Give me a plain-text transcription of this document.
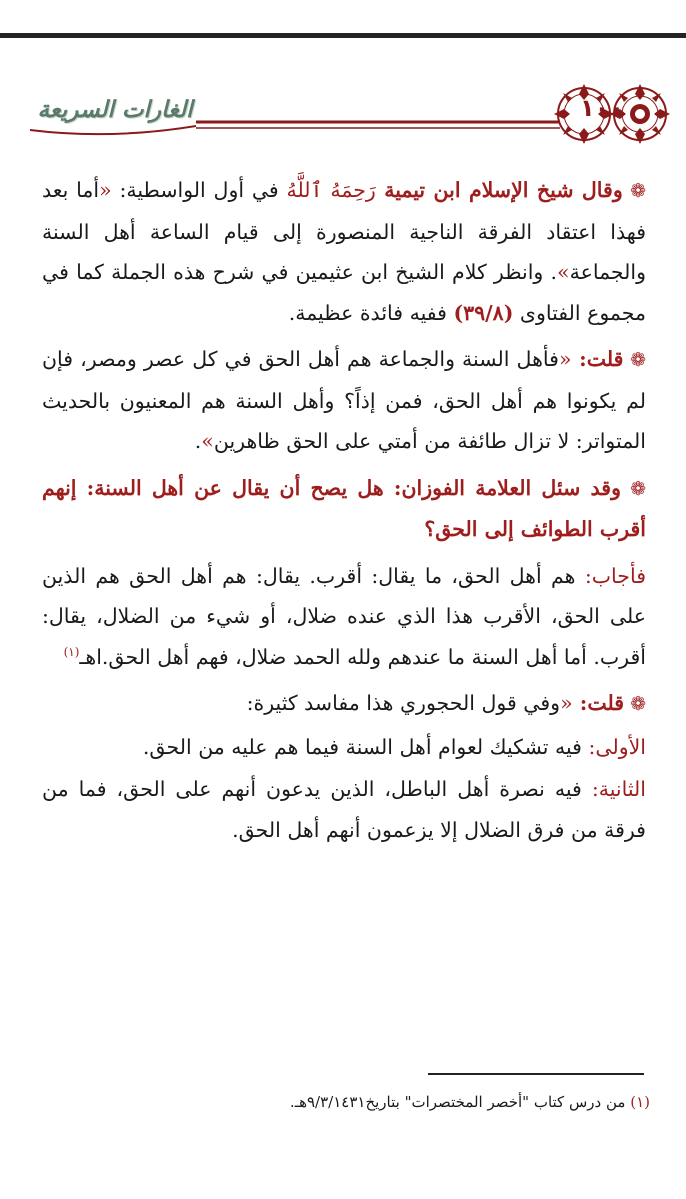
١٠٠
الغارات السريعة

❁ وقال شيخ الإسلام ابن تيمية رَحِمَهُ ٱللَّهُ في أول الواسطية: «أما بعد فهذا اعتقاد الفرقة الناجية المنصورة إلى قيام الساعة أهل السنة والجماعة». وانظر كلام الشيخ ابن عثيمين في شرح هذه الجملة كما في مجموع الفتاوى (٣٩/٨) ففيه فائدة عظيمة.

❁ قلت: «فأهل السنة والجماعة هم أهل الحق في كل عصر ومصر، فإن لم يكونوا هم أهل الحق، فمن إذاً؟ وأهل السنة هم المعنيون بالحديث المتواتر: لا تزال طائفة من أمتي على الحق ظاهرين».

❁ وقد سئل العلامة الفوزان: هل يصح أن يقال عن أهل السنة: إنهم أقرب الطوائف إلى الحق؟

فأجاب: هم أهل الحق، ما يقال: أقرب. يقال: هم أهل الحق هم الذين على الحق، الأقرب هذا الذي عنده ضلال، أو شيء من الضلال، يقال: أقرب. أما أهل السنة ما عندهم ولله الحمد ضلال، فهم أهل الحق.اهـ$^{(١)}$

❁ قلت: «وفي قول الحجوري هذا مفاسد كثيرة:

الأولى: فيه تشكيك لعوام أهل السنة فيما هم عليه من الحق.

الثانية: فيه نصرة أهل الباطل، الذين يدعون أنهم على الحق، فما من فرقة من فرق الضلال إلا يزعمون أنهم أهل الحق.

(١) من درس كتاب "أخصر المختصرات" بتاريخ٩/٣/١٤٣١هـ.
